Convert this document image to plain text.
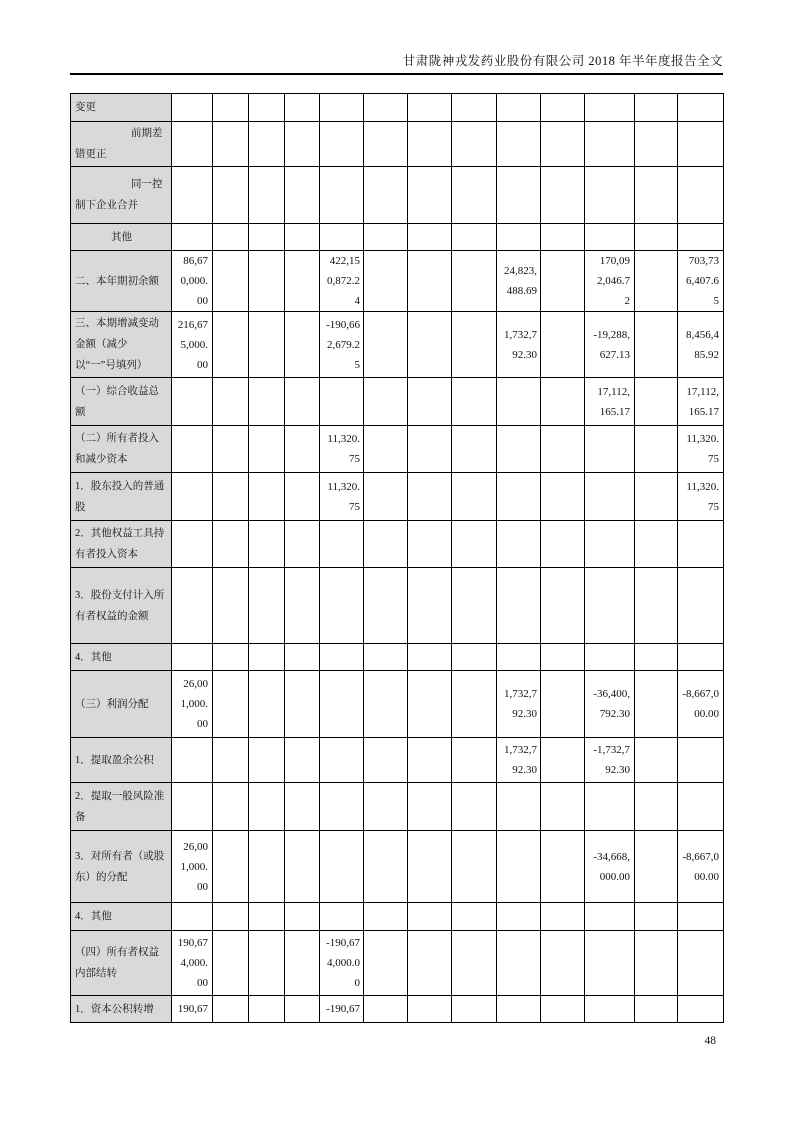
甘肃陇神戎发药业股份有限公司 2018 年半年度报告全文
变更													
前期差错更正													
同一控制下企业合并													
其他													
二、本年期初余额	86,670,000.00				422,150,872.24				24,823,488.69		170,092,046.72		703,736,407.65
三、本期增减变动金额（减少以“一”号填列）	216,675,000.00				-190,662,679.25				1,732,792.30		-19,288,627.13		8,456,485.92
（一）综合收益总额											17,112,165.17		17,112,165.17
（二）所有者投入和减少资本					11,320.75								11,320.75
1．股东投入的普通股					11,320.75								11,320.75
2．其他权益工具持有者投入资本													
3．股份支付计入所有者权益的金额													
4．其他													
（三）利润分配	26,001,000.00								1,732,792.30		-36,400,792.30		-8,667,000.00
1．提取盈余公积									1,732,792.30		-1,732,792.30		
2．提取一般风险准备													
3．对所有者（或股东）的分配	26,001,000.00										-34,668,000.00		-8,667,000.00
4．其他													
（四）所有者权益内部结转	190,674,000.00				-190,674,000.00								
1．资本公积转增	190,67				-190,67								
48
